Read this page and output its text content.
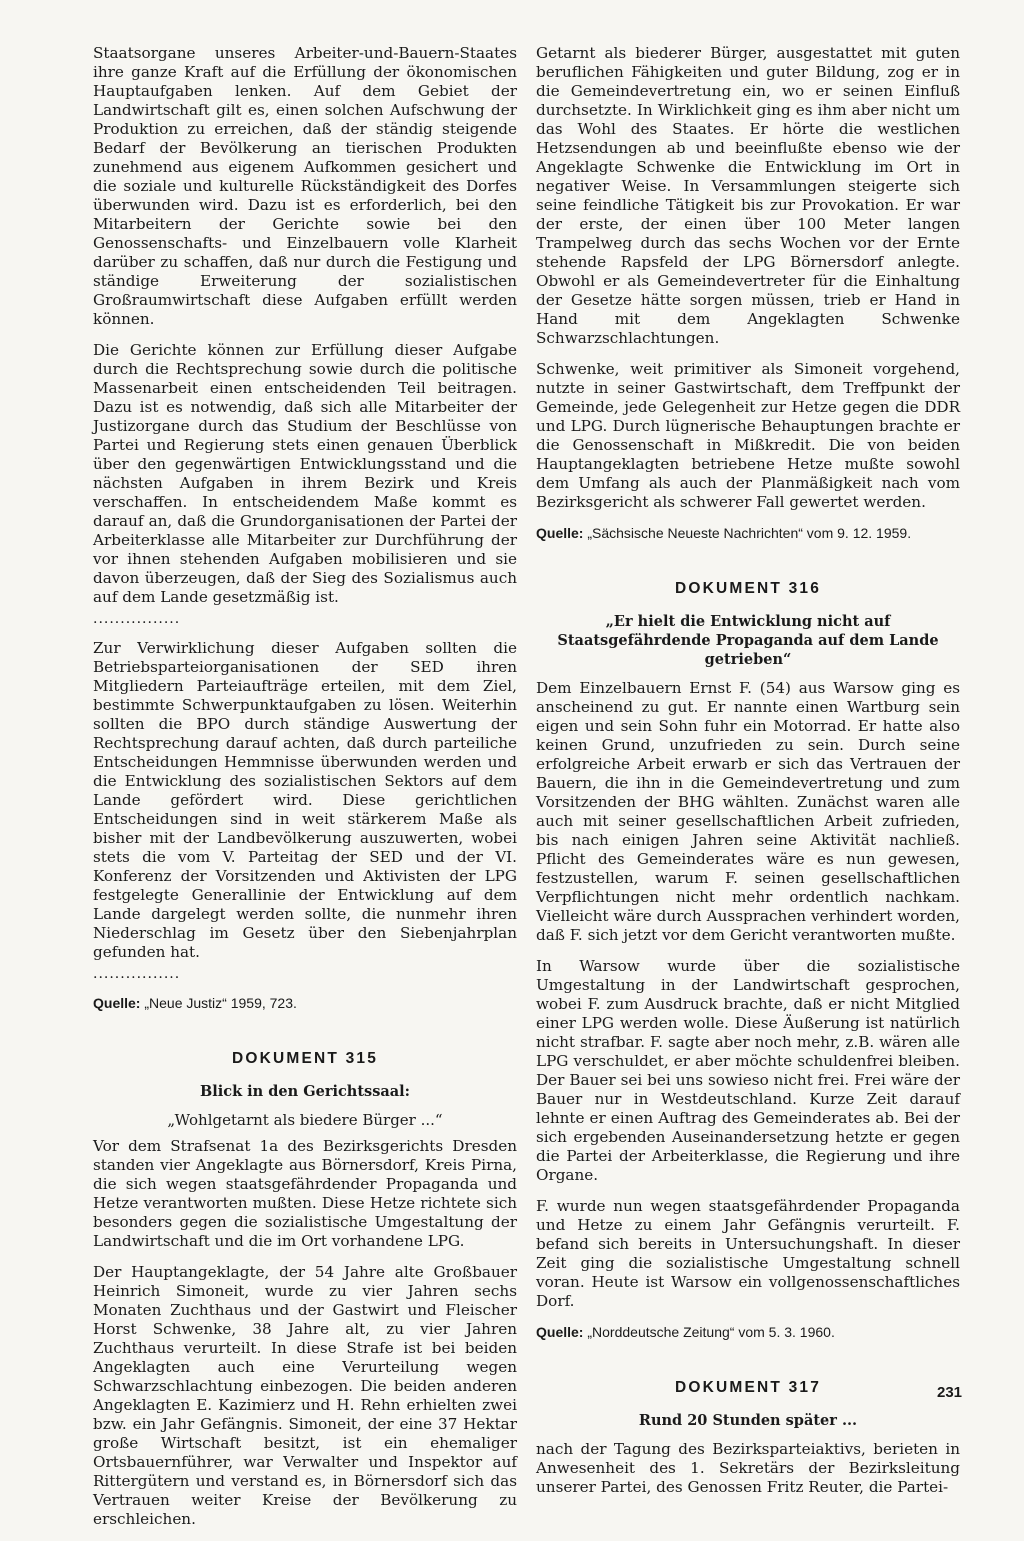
Staatsorgane unseres Arbeiter-und-Bauern-Staates ihre ganze Kraft auf die Erfüllung der ökonomischen Hauptaufgaben lenken. Auf dem Gebiet der Landwirtschaft gilt es, einen solchen Aufschwung der Produktion zu erreichen, daß der ständig steigende Bedarf der Bevölkerung an tierischen Produkten zunehmend aus eigenem Aufkommen gesichert und die soziale und kulturelle Rückständigkeit des Dorfes überwunden wird. Dazu ist es erforderlich, bei den Mitarbeitern der Gerichte sowie bei den Genossenschafts- und Einzelbauern volle Klarheit darüber zu schaffen, daß nur durch die Festigung und ständige Erweiterung der sozialistischen Großraumwirtschaft diese Aufgaben erfüllt werden können.

Die Gerichte können zur Erfüllung dieser Aufgabe durch die Rechtsprechung sowie durch die politische Massenarbeit einen entscheidenden Teil beitragen. Dazu ist es notwendig, daß sich alle Mitarbeiter der Justizorgane durch das Studium der Beschlüsse von Partei und Regierung stets einen genauen Überblick über den gegenwärtigen Entwicklungsstand und die nächsten Aufgaben in ihrem Bezirk und Kreis verschaffen. In entscheidendem Maße kommt es darauf an, daß die Grundorganisationen der Partei der Arbeiterklasse alle Mitarbeiter zur Durchführung der vor ihnen stehenden Aufgaben mobilisieren und sie davon überzeugen, daß der Sieg des Sozialismus auch auf dem Lande gesetzmäßig ist.

................

Zur Verwirklichung dieser Aufgaben sollten die Betriebsparteiorganisationen der SED ihren Mitgliedern Parteiaufträge erteilen, mit dem Ziel, bestimmte Schwerpunktaufgaben zu lösen. Weiterhin sollten die BPO durch ständige Auswertung der Rechtsprechung darauf achten, daß durch parteiliche Entscheidungen Hemmnisse überwunden werden und die Entwicklung des sozialistischen Sektors auf dem Lande gefördert wird. Diese gerichtlichen Entscheidungen sind in weit stärkerem Maße als bisher mit der Landbevölkerung auszuwerten, wobei stets die vom V. Parteitag der SED und der VI. Konferenz der Vorsitzenden und Aktivisten der LPG festgelegte Generallinie der Entwicklung auf dem Lande dargelegt werden sollte, die nunmehr ihren Niederschlag im Gesetz über den Siebenjahrplan gefunden hat.

................
Quelle: „Neue Justiz“ 1959, 723.
DOKUMENT 315
Blick in den Gerichtssaal:
„Wohlgetarnt als biedere Bürger ...“

Vor dem Strafsenat 1a des Bezirksgerichts Dresden standen vier Angeklagte aus Börnersdorf, Kreis Pirna, die sich wegen staatsgefährdender Propaganda und Hetze verantworten mußten. Diese Hetze richtete sich besonders gegen die sozialistische Umgestaltung der Landwirtschaft und die im Ort vorhandene LPG.

Der Hauptangeklagte, der 54 Jahre alte Großbauer Heinrich Simoneit, wurde zu vier Jahren sechs Monaten Zuchthaus und der Gastwirt und Fleischer Horst Schwenke, 38 Jahre alt, zu vier Jahren Zuchthaus verurteilt. In diese Strafe ist bei beiden Angeklagten auch eine Verurteilung wegen Schwarzschlachtung einbezogen. Die beiden anderen Angeklagten E. Kazimierz und H. Rehn erhielten zwei bzw. ein Jahr Gefängnis. Simoneit, der eine 37 Hektar große Wirtschaft besitzt, ist ein ehemaliger Ortsbauernführer, war Verwalter und Inspektor auf Rittergütern und verstand es, in Börnersdorf sich das Vertrauen weiter Kreise der Bevölkerung zu erschleichen.

Getarnt als biederer Bürger, ausgestattet mit guten beruflichen Fähigkeiten und guter Bildung, zog er in die Gemeindevertretung ein, wo er seinen Einfluß durchsetzte. In Wirklichkeit ging es ihm aber nicht um das Wohl des Staates. Er hörte die westlichen Hetzsendungen ab und beeinflußte ebenso wie der Angeklagte Schwenke die Entwicklung im Ort in negativer Weise. In Versammlungen steigerte sich seine feindliche Tätigkeit bis zur Provokation. Er war der erste, der einen über 100 Meter langen Trampelweg durch das sechs Wochen vor der Ernte stehende Rapsfeld der LPG Börnersdorf anlegte. Obwohl er als Gemeindevertreter für die Einhaltung der Gesetze hätte sorgen müssen, trieb er Hand in Hand mit dem Angeklagten Schwenke Schwarzschlachtungen.

Schwenke, weit primitiver als Simoneit vorgehend, nutzte in seiner Gastwirtschaft, dem Treffpunkt der Gemeinde, jede Gelegenheit zur Hetze gegen die DDR und LPG. Durch lügnerische Behauptungen brachte er die Genossenschaft in Mißkredit. Die von beiden Hauptangeklagten betriebene Hetze mußte sowohl dem Umfang als auch der Planmäßigkeit nach vom Bezirksgericht als schwerer Fall gewertet werden.

Quelle: „Sächsische Neueste Nachrichten“ vom 9. 12. 1959.
DOKUMENT 316
„Er hielt die Entwicklung nicht auf Staatsgefährdende Propaganda auf dem Lande getrieben“

Dem Einzelbauern Ernst F. (54) aus Warsow ging es anscheinend zu gut. Er nannte einen Wartburg sein eigen und sein Sohn fuhr ein Motorrad. Er hatte also keinen Grund, unzufrieden zu sein. Durch seine erfolgreiche Arbeit erwarb er sich das Vertrauen der Bauern, die ihn in die Gemeindevertretung und zum Vorsitzenden der BHG wählten. Zunächst waren alle auch mit seiner gesellschaftlichen Arbeit zufrieden, bis nach einigen Jahren seine Aktivität nachließ. Pflicht des Gemeinderates wäre es nun gewesen, festzustellen, warum F. seinen gesellschaftlichen Verpflichtungen nicht mehr ordentlich nachkam. Vielleicht wäre durch Aussprachen verhindert worden, daß F. sich jetzt vor dem Gericht verantworten mußte.

In Warsow wurde über die sozialistische Umgestaltung in der Landwirtschaft gesprochen, wobei F. zum Ausdruck brachte, daß er nicht Mitglied einer LPG werden wolle. Diese Äußerung ist natürlich nicht strafbar. F. sagte aber noch mehr, z.B. wären alle LPG verschuldet, er aber möchte schuldenfrei bleiben. Der Bauer sei bei uns sowieso nicht frei. Frei wäre der Bauer nur in Westdeutschland. Kurze Zeit darauf lehnte er einen Auftrag des Gemeinderates ab. Bei der sich ergebenden Auseinandersetzung hetzte er gegen die Partei der Arbeiterklasse, die Regierung und ihre Organe.

F. wurde nun wegen staatsgefährdender Propaganda und Hetze zu einem Jahr Gefängnis verurteilt. F. befand sich bereits in Untersuchungshaft. In dieser Zeit ging die sozialistische Umgestaltung schnell voran. Heute ist Warsow ein vollgenossenschaftliches Dorf.

Quelle: „Norddeutsche Zeitung“ vom 5. 3. 1960.
DOKUMENT 317
Rund 20 Stunden später ...

nach der Tagung des Bezirksparteiaktivs, berieten in Anwesenheit des 1. Sekretärs der Bezirksleitung unserer Partei, des Genossen Fritz Reuter, die Partei-

231
